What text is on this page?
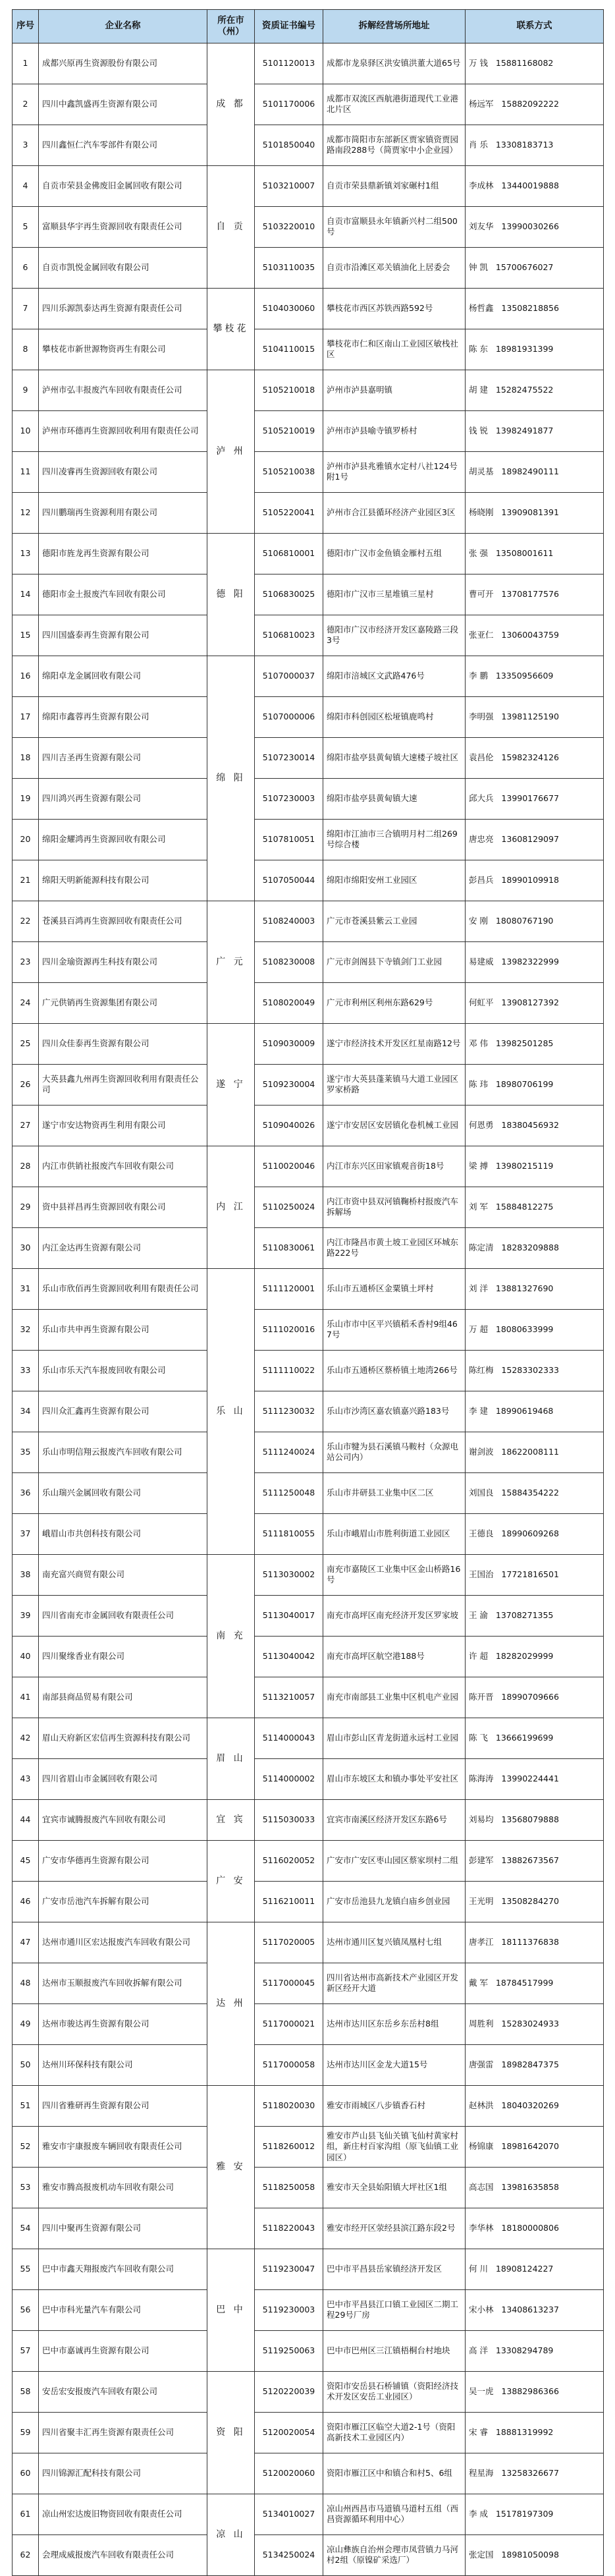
序号	企业名称	所在市（州）	资质证书编号	拆解经营场所地址	联系方式
1	成都兴原再生资源股份有限公司	成 都	5101120013	成都市龙泉驿区洪安镇洪董大道65号	万 钱   15881168082
2	四川中鑫凯盛再生资源有限公司		5101170006	成都市双流区西航港街道现代工业港北片区	杨远军   15882092222
3	四川鑫恒仁汽车零部件有限公司		5101850040	成都市简阳市东部新区贾家镇资贾园路南段288号（简贾家中小企业园）	肖 乐   13308183713
4	自贡市荣县金佛废旧金属回收有限公司	自 贡	5103210007	自贡市荣县鼎新镇刘家碾村1组	李成林   13440019888
5	富顺县华宇再生资源回收有限责任公司		5103220010	自贡市富顺县永年镇新兴村二组500号	刘友华   13990030266
6	自贡市凯悦金属回收有限公司		5103110035	自贡市沿滩区邓关镇油化上居委会	钟 凯   15700676027
7	四川乐源凯泰达再生资源有限责任公司	攀枝花	5104030060	攀枝花市西区苏铁西路592号	杨哲鑫   13508218856
8	攀枝花市新世源物资再生有限公司		5104110015	攀枝花市仁和区南山工业园区敏栈社区	陈 东   18981931399
9	泸州市弘丰报废汽车回收有限责任公司	泸 州	5105210018	泸州市泸县嘉明镇	胡 建   15282475522
10	泸州市环德再生资源回收利用有限责任公司		5105210019	泸州市泸县喻寺镇罗桥村	钱 锐   13982491877
11	四川凌睿再生资源回收有限公司		5105210038	泸州市泸县兆雅镇水定村八社124号附1号	胡灵基   18982490111
12	四川鹏瑞再生资源利用有限公司		5105220041	泸州市合江县循环经济产业园区3区	杨晓刚   13909081391
13	德阳市旌龙再生资源有限公司	德 阳	5106810001	德阳市广汉市金鱼镇金雁村五组	张 强   13508001611
14	德阳市金土报废汽车回收有限公司		5106830025	德阳市广汉市三星堆镇三星村	曹可开   13708177576
15	四川国盛泰再生资源有限公司		5106810023	德阳市广汉市经济开发区嘉陵路三段3号	张亚仁   13060043759
16	绵阳卓龙金属回收有限公司	绵 阳	5107000037	绵阳市涪城区文武路476号	李 鹏   13350956609
17	绵阳市鑫蓉再生资源有限公司		5107000006	绵阳市科创园区松垭镇鹿鸣村	李明强   13981125190
18	四川吉圣再生资源有限公司		5107230014	绵阳市盐亭县黄甸镇大速楼子坡社区	袁昌伦   15982324126
19	四川鸿兴再生资源有限公司		5107230003	绵阳市盐亭县黄甸镇大速	邱大兵   13990176677
20	绵阳金耀鸿再生资源回收有限公司		5107810051	绵阳市江油市三合镇明月村二组269号综合楼	唐忠亮   13608129097
21	绵阳天明新能源科技有限公司		5107050044	绵阳市绵阳安州工业园区	彭昌兵   18990109918
22	苍溪县百鸿再生资源回收有限责任公司	广 元	5108240003	广元市苍溪县紫云工业园	安 刚   18080767190
23	四川金瑜资源再生科技有限公司		5108230008	广元市剑阁县下寺镇剑门工业园	易建威   13982322999
24	广元供销再生资源集团有限公司		5108020049	广元市利州区利州东路629号	何虹平   13908127392
25	四川众佳泰再生资源有限公司	遂 宁	5109030009	遂宁市经济技术开发区红星南路12号	邓 伟   13982501285
26	大英县鑫九州再生资源回收利用有限责任公司		5109230004	遂宁市大英县蓬莱镇马大道工业园区罗家桥路	陈 玮   18980706199
27	遂宁市安达物资再生利用有限公司		5109040026	遂宁市安居区安居镇化卷机械工业园	何恩勇   18380456932
28	内江市供销社报废汽车回收有限公司	内 江	5110020046	内江市东兴区田家镇观音街18号	梁 搏   13980215119
29	资中县祥昌再生资源回收有限公司		5110250024	内江市资中县双河镇鞠桥村报废汽车拆解场	刘 军   15884812275
30	内江金达再生资源有限公司		5110830061	内江市隆昌市黄土坡工业园区环城东路222号	陈定清   18283209888
31	乐山市欣佰再生资源回收利用有限责任公司	乐 山	5111120001	乐山市五通桥区金粟镇土坪村	刘 洋   13881327690
32	乐山市共申再生资源有限公司		5111020016	乐山市市中区平兴镇稻禾香村9组467号	万 超   18080633999
33	乐山市乐天汽车报废回收有限公司		5111110022	乐山市五通桥区蔡桥镇土地湾266号	陈红梅   15283302333
34	四川众汇鑫再生资源有限公司		5111230032	乐山市沙湾区嘉农镇嘉兴路183号	李 建   18990619468
35	乐山市明信翔云报废汽车回收有限公司		5111240024	乐山市犍为县石溪镇马鞍村（众源电站公司内）	谢剑波   18622008111
36	乐山瑞兴金属回收有限公司		5111250048	乐山市井研县工业集中区二区	刘国良   15884354222
37	峨眉山市共创科技有限公司		5111810055	乐山市峨眉山市胜利街道工业园区	王德良   18990609268
38	南充富兴商贸有限公司	南 充	5113030002	南充市嘉陵区工业集中区金山桥路16号	王国治   17721816501
39	四川省南充市金属回收有限责任公司		5113040017	南充市高坪区南充经济开发区罗家坡	王 渝   13708271355
40	四川聚缘香业有限公司		5113040042	南充市高坪区航空港188号	许 超   18282029999
41	南部县商品贸易有限公司		5113210057	南充市南部县工业集中区机电产业园	陈开晋   18990709666
42	眉山天府新区宏信再生资源科技有限公司	眉 山	5114000043	眉山市彭山区青龙街道永远村工业园	陈 飞   13666199699
43	四川省眉山市金属回收有限公司		5114000002	眉山市东坡区太和镇办事处平安社区	陈海涛   13990224441
44	宜宾市诚腾报废汽车回收有限公司	宜 宾	5115030033	宜宾市南溪区经济开发区东路6号	刘易均   13568079888
45	广安市华德再生资源有限公司	广 安	5116020052	广安市广安区枣山园区蔡家坝村二组	彭建军   13882673567
46	广安市岳池汽车拆解有限公司		5116210011	广安市岳池县九龙镇白庙乡创业园	王光明   13508284270
47	达州市通川区宏达报废汽车回收有限公司	达 州	5117020005	达州市通川区复兴镇凤凰村七组	唐孝江   18111376838
48	达州市玉顺报废汽车回收拆解有限公司		5117000045	四川省达州市高新技术产业园区开发新区经开大道	戴 军   18784517999
49	达州市骏达再生资源有限公司		5117000021	达州市达川区东岳乡东岳村8组	周胜利   15283024933
50	达州川环保科技有限公司		5117000058	达州市达川区金龙大道15号	唐强雷   18982847375
51	四川省雅研再生资源有限公司	雅 安	5118020030	雅安市雨城区八步镇香石村	赵林洪   18040320269
52	雅安市宇康报废车辆回收有限责任公司		5118260012	雅安市芦山县飞仙关镇飞仙村黄家村组，新庄村百家沟组（原飞仙镇工业园区）	杨锦康   18981642070
53	雅安市腾高报废机动车回收有限公司		5118250058	雅安市天全县始阳镇大坪社区1组	高志国   13981635858
54	四川中聚再生资源有限公司		5118220043	雅安市经开区荥经县滨江路东段2号	李华林   18180000806
55	巴中市鑫天翔报废汽车回收有限公司	巴 中	5119230047	巴中市平昌县岳家镇经济开发区	何 川   18908124227
56	巴中市科光量汽车有限公司		5119230003	巴中市平昌县江口镇工业园区二期工程29号厂房	宋小林   13408613237
57	巴中市嘉诚再生资源有限公司		5119250063	巴中市巴州区三江镇梧桐台村地块	高 洋   13308294789
58	安岳宏安报废汽车回收有限公司	资 阳	5120220039	资阳市安岳县石桥铺镇（资阳经济技术开发区安岳工业园区）	吴一虎   13882986366
59	四川省聚丰汇再生资源有限责任公司		5120020054	资阳市雁江区临空大道2-1号（资阳高新技术工业园区内）	宋 睿   18881319992
60	四川锦源汇配科技有限公司		5120020060	资阳市雁江区中和镇合和村5、6组	程星海   13258326677
61	凉山州宏达废旧物资回收有限责任公司	凉 山	5134010027	凉山州西昌市马道镇马道村五组（西昌资源循环利用中心）	李 成   15178197309
62	会理成威报废汽车回收有限责任公司		5134250024	凉山彝族自治州会理市凤营镇力马河村2组（原镍矿采选厂）	张定国   18981050098
